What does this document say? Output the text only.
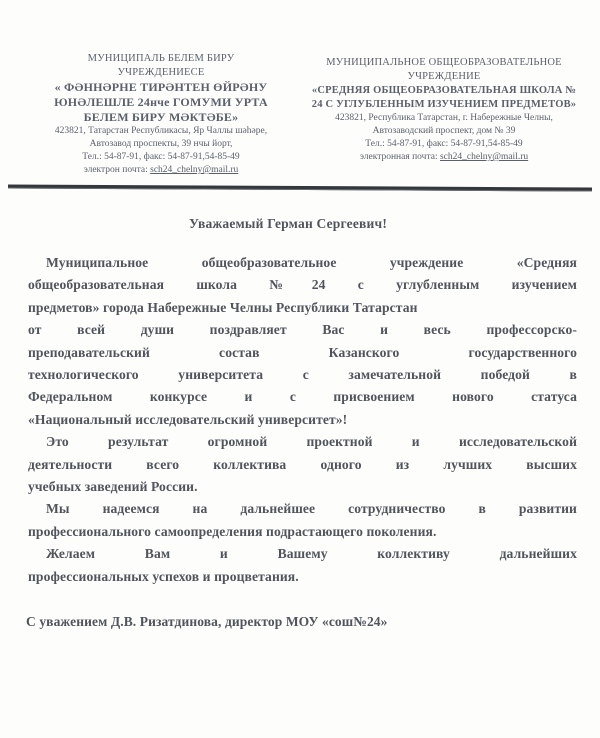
МУНИЦИПАЛЬ БЕЛЕМ БИРУ
УЧРЕЖДЕНИЕСЕ
« ФӘННӘРНЕ ТИРӘНТЕН ӨЙРӘНУ
ЮНӘЛЕШЛЕ 24нче ГОМУМИ УРТА
БЕЛЕМ БИРУ МӘКТӘБЕ»
423821, Татарстан Республикасы, Яр Чаллы шәһәре,
Автозавод проспекты, 39 нчы йорт,
Тел.: 54-87-91, факс: 54-87-91,54-85-49
электрон почта: sch24_chelny@mail.ru
МУНИЦИПАЛЬНОЕ ОБЩЕОБРАЗОВАТЕЛЬНОЕ
УЧРЕЖДЕНИЕ
«СРЕДНЯЯ ОБЩЕОБРАЗОВАТЕЛЬНАЯ ШКОЛА №
24 С УГЛУБЛЕННЫМ ИЗУЧЕНИЕМ ПРЕДМЕТОВ»
423821, Республика Татарстан, г. Набережные Челны,
Автозаводский проспект, дом № 39
Тел.: 54-87-91, факс: 54-87-91,54-85-49
электронная почта: sch24_chelny@mail.ru
Уважаемый Герман Сергеевич!
Муниципальное общеобразовательное учреждение «Средняя
общеобразовательная школа №24 с углубленным изучением
предметов» города Набережные Челны Республики Татарстан
от всей души поздравляет Вас и весь профессорско-
преподавательский состав Казанского государственного
технологического университета с замечательной победой в
Федеральном конкурсе и с присвоением нового статуса
«Национальный исследовательский университет»!
Это результат огромной проектной и исследовательской
деятельности всего коллектива одного из лучших высших
учебных заведений России.
Мы надеемся на дальнейшее сотрудничество в развитии
профессионального самоопределения подрастающего поколения.
Желаем Вам и Вашему коллективу дальнейших
профессиональных успехов и процветания.
С уважением Д.В. Ризатдинова, директор МОУ «сош№24»
